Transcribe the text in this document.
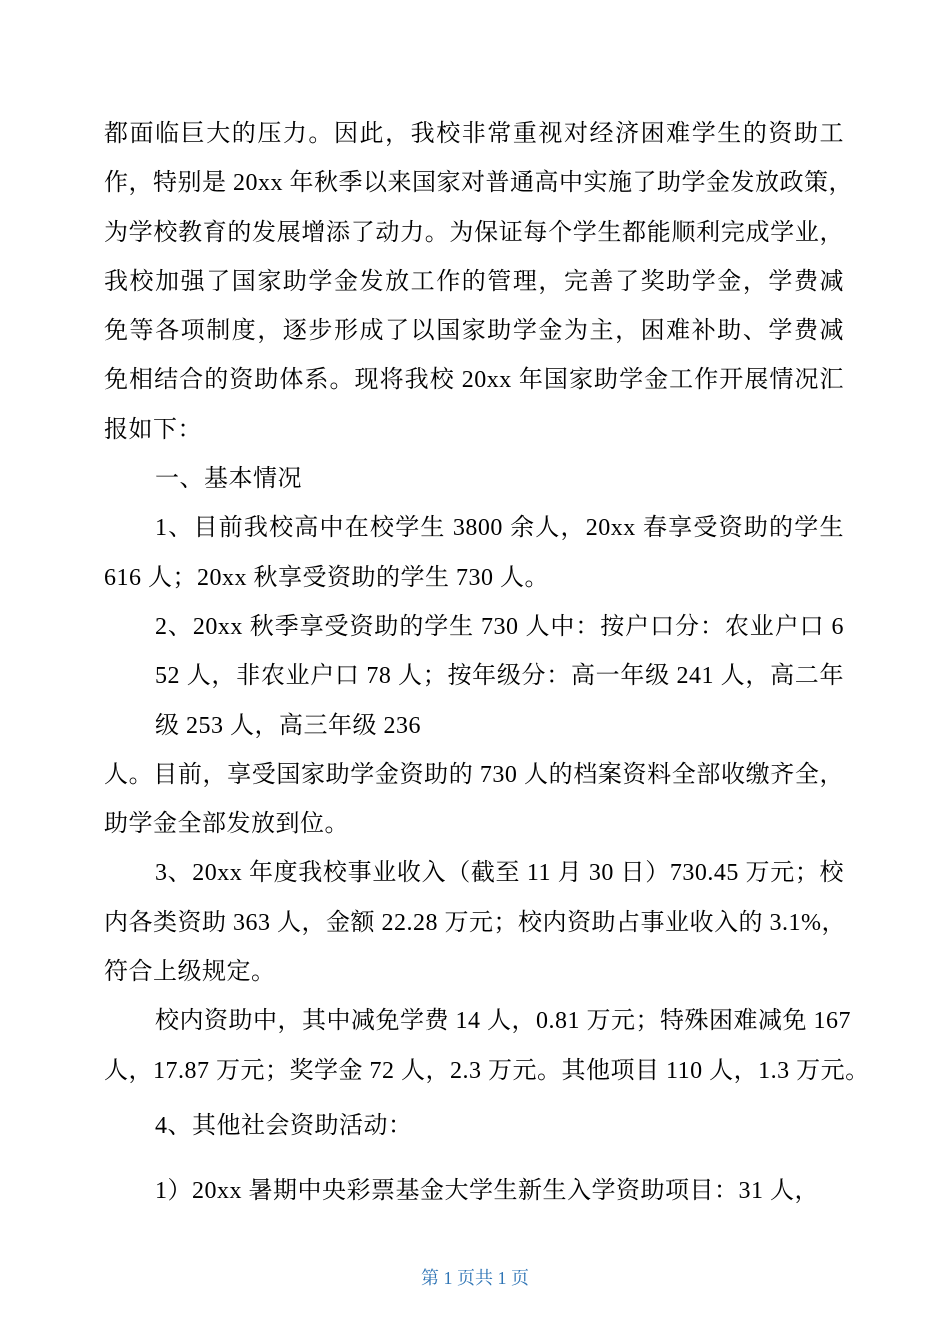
都面临巨大的压力。因此，我校非常重视对经济困难学生的资助工
作，特别是 20xx 年秋季以来国家对普通高中实施了助学金发放政策，
为学校教育的发展增添了动力。为保证每个学生都能顺利完成学业，
我校加强了国家助学金发放工作的管理，完善了奖助学金，学费减
免等各项制度，逐步形成了以国家助学金为主，困难补助、学费减
免相结合的资助体系。现将我校 20xx 年国家助学金工作开展情况汇
报如下：
一、基本情况
1、目前我校高中在校学生 3800 余人，20xx 春享受资助的学生
616 人；20xx 秋享受资助的学生 730 人。
2、20xx 秋季享受资助的学生 730 人中：按户口分：农业户口 6
52 人，非农业户口 78 人；按年级分：高一年级 241 人，高二年
级 253 人，高三年级 236
人。目前，享受国家助学金资助的 730 人的档案资料全部收缴齐全，
助学金全部发放到位。
3、20xx 年度我校事业收入（截至 11 月 30 日）730.45 万元；校
内各类资助 363 人，金额 22.28 万元；校内资助占事业收入的 3.1%，
符合上级规定。
校内资助中，其中减免学费 14 人，0.81 万元；特殊困难减免 167
人，17.87 万元；奖学金 72 人，2.3 万元。其他项目 110 人，1.3 万元。
4、其他社会资助活动：
1）20xx 暑期中央彩票基金大学生新生入学资助项目：31 人，
第 1 页共 1 页
